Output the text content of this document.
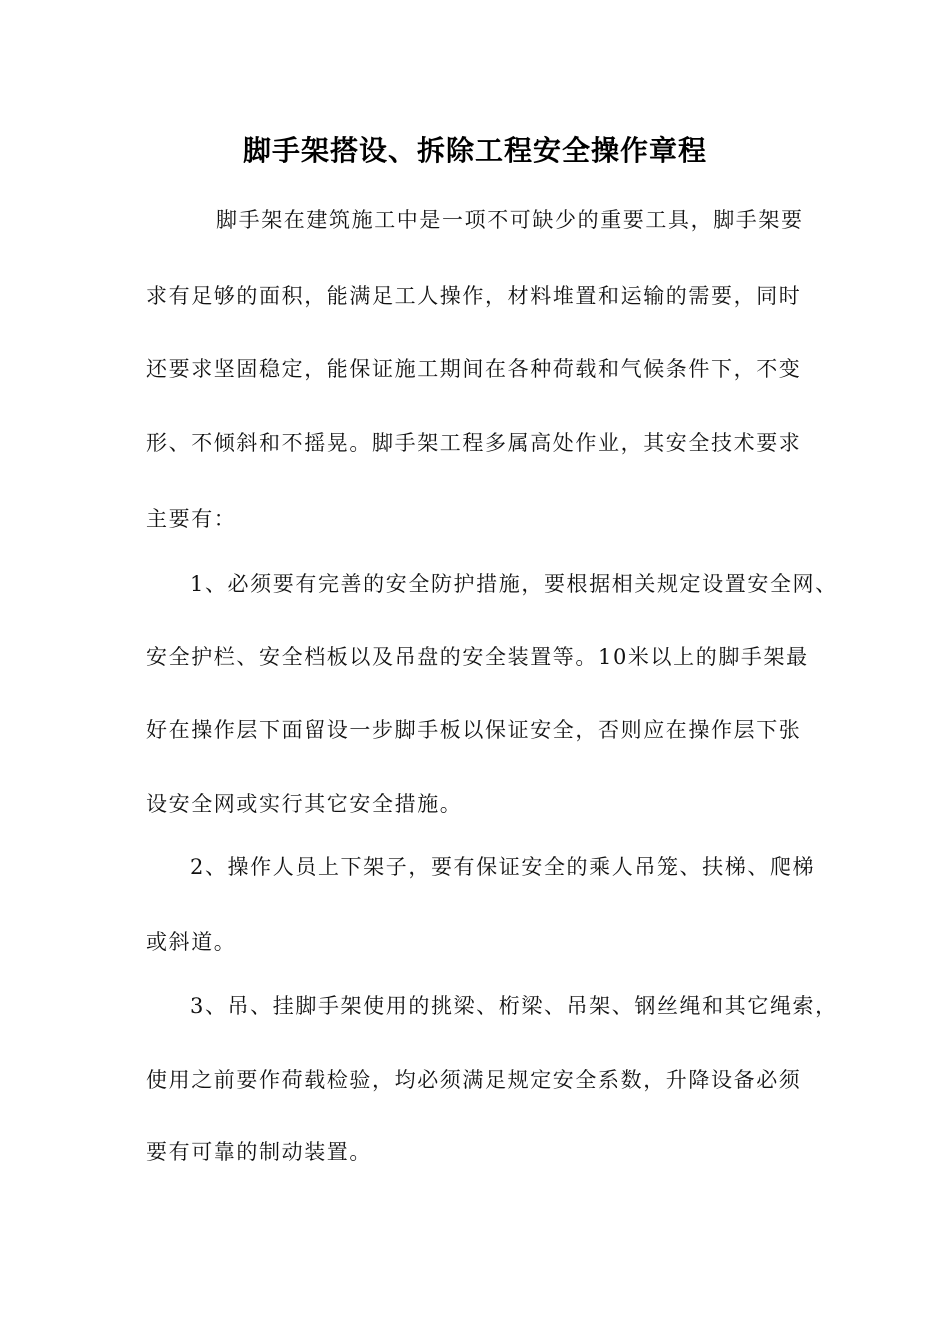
脚手架搭设、拆除工程安全操作章程
脚手架在建筑施工中是一项不可缺少的重要工具，脚手架要
求有足够的面积，能满足工人操作，材料堆置和运输的需要，同时
还要求坚固稳定，能保证施工期间在各种荷载和气候条件下，不变
形、不倾斜和不摇晃。脚手架工程多属高处作业，其安全技术要求
主要有：
1、必须要有完善的安全防护措施，要根据相关规定设置安全网、
安全护栏、安全档板以及吊盘的安全装置等。10米以上的脚手架最
好在操作层下面留设一步脚手板以保证安全，否则应在操作层下张
设安全网或实行其它安全措施。
2、操作人员上下架子，要有保证安全的乘人吊笼、扶梯、爬梯
或斜道。
3、吊、挂脚手架使用的挑梁、桁梁、吊架、钢丝绳和其它绳索，
使用之前要作荷载检验，均必须满足规定安全系数，升降设备必须
要有可靠的制动装置。
